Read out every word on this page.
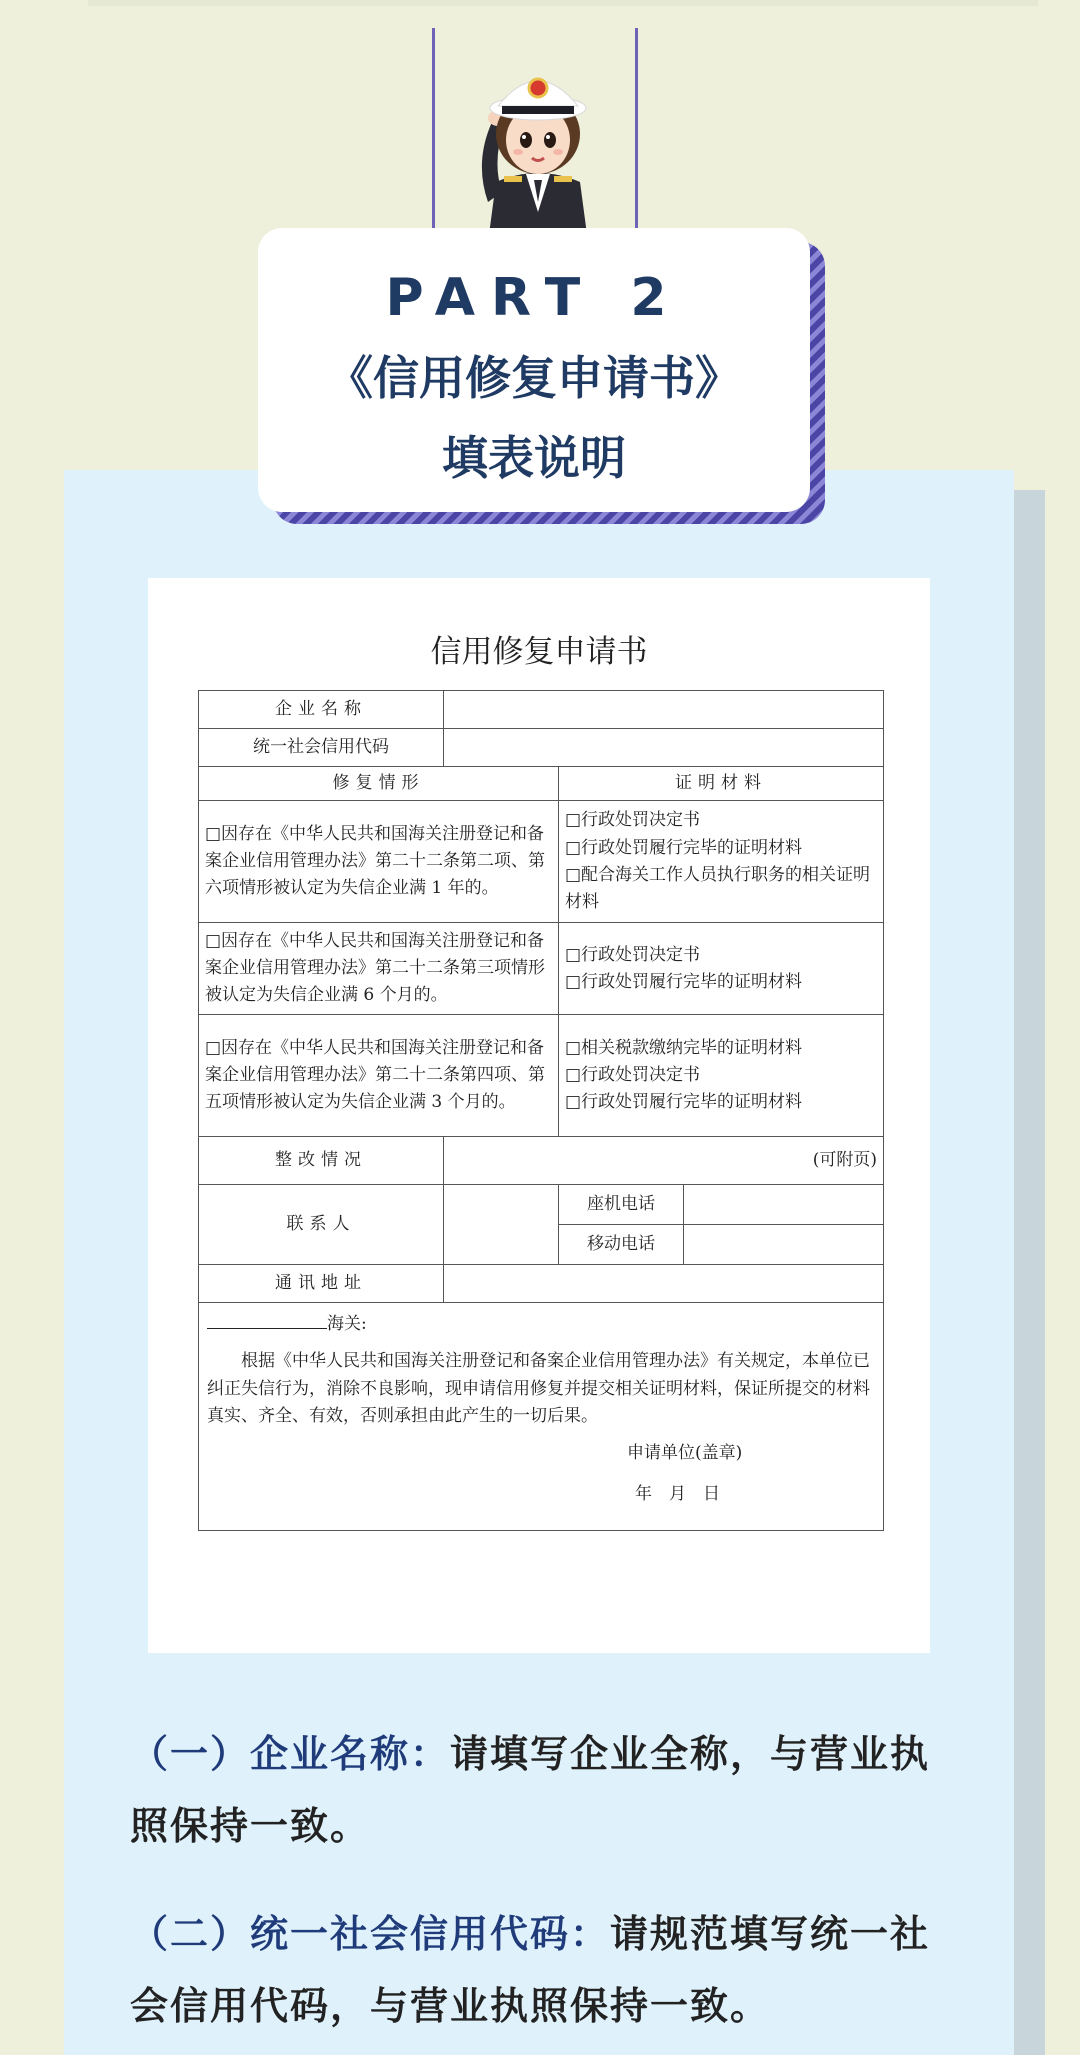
PART 2
《信用修复申请书》
填表说明
信用修复申请书
企业名称			
统一社会信用代码			
修复情形		证明材料	
□因存在《中华人民共和国海关注册登记和备案企业信用管理办法》第二十二条第二项、第六项情形被认定为失信企业满 1 年的。		□行政处罚决定书
□行政处罚履行完毕的证明材料
□配合海关工作人员执行职务的相关证明材料	

□因存在《中华人民共和国海关注册登记和备案企业信用管理办法》第二十二条第三项情形被认定为失信企业满 6 个月的。		□行政处罚决定书
□行政处罚履行完毕的证明材料	

□因存在《中华人民共和国海关注册登记和备案企业信用管理办法》第二十二条第四项、第五项情形被认定为失信企业满 3 个月的。		□相关税款缴纳完毕的证明材料
□行政处罚决定书
□行政处罚履行完毕的证明材料	

整改情况	(可附页)		
联系人		座机电话	
		移动电话	
通讯地址			

海关:

根据《中华人民共和国海关注册登记和备案企业信用管理办法》有关规定，本单位已纠正失信行为，消除不良影响，现申请信用修复并提交相关证明材料，保证所提交的材料真实、齐全、有效，否则承担由此产生的一切后果。

申请单位(盖章)

年　月　日			

（一）企业名称：请填写企业全称，与营业执照保持一致。
（二）统一社会信用代码：请规范填写统一社会信用代码，与营业执照保持一致。
